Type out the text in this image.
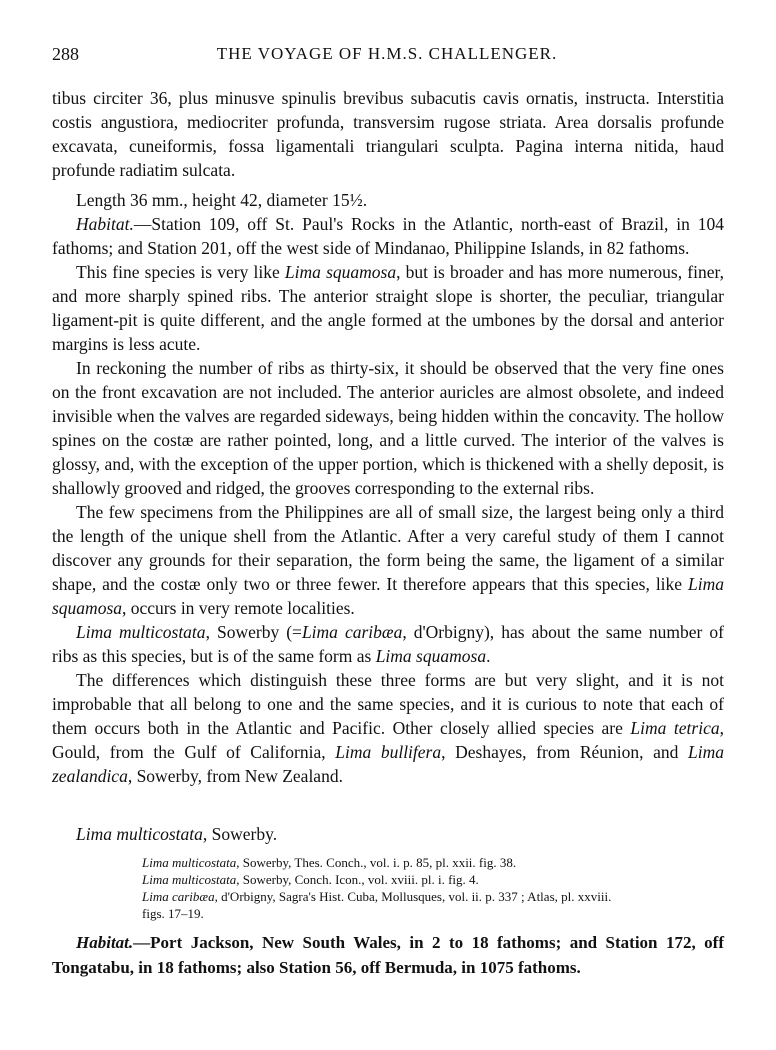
288	THE VOYAGE OF H.M.S. CHALLENGER.

tibus circiter 36, plus minusve spinulis brevibus subacutis cavis ornatis, instructa. Interstitia costis angustiora, mediocriter profunda, transversim rugose striata. Area dorsalis profunde excavata, cuneiformis, fossa ligamentali triangulari sculpta. Pagina interna nitida, haud profunde radiatim sulcata.

Length 36 mm., height 42, diameter 15½.

Habitat.—Station 109, off St. Paul's Rocks in the Atlantic, north-east of Brazil, in 104 fathoms; and Station 201, off the west side of Mindanao, Philippine Islands, in 82 fathoms.

This fine species is very like Lima squamosa, but is broader and has more numerous, finer, and more sharply spined ribs. The anterior straight slope is shorter, the peculiar, triangular ligament-pit is quite different, and the angle formed at the umbones by the dorsal and anterior margins is less acute.

In reckoning the number of ribs as thirty-six, it should be observed that the very fine ones on the front excavation are not included. The anterior auricles are almost obsolete, and indeed invisible when the valves are regarded sideways, being hidden within the concavity. The hollow spines on the costæ are rather pointed, long, and a little curved. The interior of the valves is glossy, and, with the exception of the upper portion, which is thickened with a shelly deposit, is shallowly grooved and ridged, the grooves corresponding to the external ribs.

The few specimens from the Philippines are all of small size, the largest being only a third the length of the unique shell from the Atlantic. After a very careful study of them I cannot discover any grounds for their separation, the form being the same, the ligament of a similar shape, and the costæ only two or three fewer. It therefore appears that this species, like Lima squamosa, occurs in very remote localities.

Lima multicostata, Sowerby (=Lima caribæa, d'Orbigny), has about the same number of ribs as this species, but is of the same form as Lima squamosa.

The differences which distinguish these three forms are but very slight, and it is not improbable that all belong to one and the same species, and it is curious to note that each of them occurs both in the Atlantic and Pacific. Other closely allied species are Lima tetrica, Gould, from the Gulf of California, Lima bullifera, Deshayes, from Réunion, and Lima zealandica, Sowerby, from New Zealand.

Lima multicostata, Sowerby.

Lima multicostata, Sowerby, Thes. Conch., vol. i. p. 85, pl. xxii. fig. 38.
Lima multicostata, Sowerby, Conch. Icon., vol. xviii. pl. i. fig. 4.
Lima caribæa, d'Orbigny, Sagra's Hist. Cuba, Mollusques, vol. ii. p. 337 ; Atlas, pl. xxviii.
figs. 17–19.

Habitat.—Port Jackson, New South Wales, in 2 to 18 fathoms; and Station 172, off Tongatabu, in 18 fathoms; also Station 56, off Bermuda, in 1075 fathoms.
